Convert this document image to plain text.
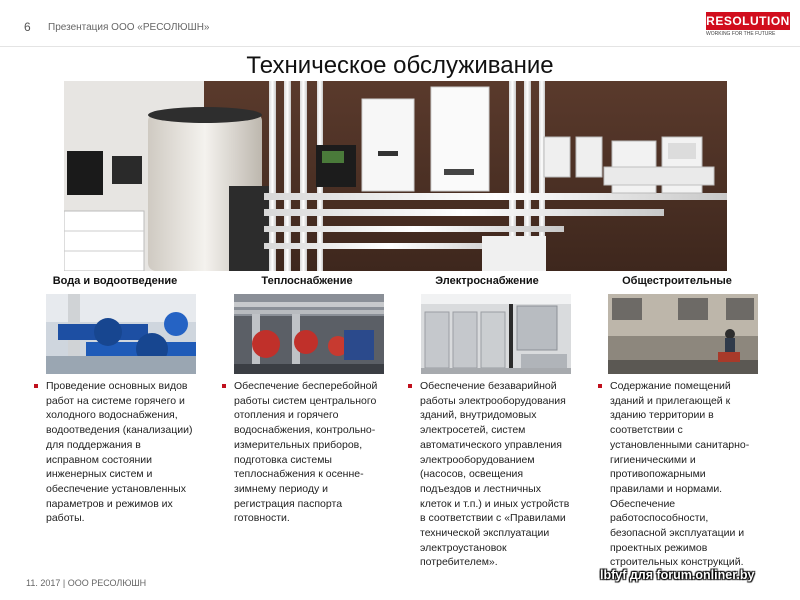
6 Презентация ООО «РЕСОЛЮШН»	RESOLUTION
WORKING FOR THE FUTURE
Техническое обслуживание
Вода и водоотведение
Проведение основных видов работ на системе горячего и холодного водоснабжения, водоотведения (канализации) для поддержания в исправном состоянии инженерных систем и обеспечение установленных параметров и режимов их работы.
Теплоснабжение
Обеспечение бесперебойной работы систем центрального отопления и горячего водоснабжения, контрольно-измерительных приборов, подготовка системы теплоснабжения к осенне-зимнему периоду и регистрация паспорта готовности.
Электроснабжение
Обеспечение безаварийной работы электрооборудования зданий, внутридомовых электросетей, систем автоматического управления электрооборудованием (насосов, освещения подъездов и лестничных клеток и т.п.) и иных устройств в соответствии с «Правилами технической эксплуатации электроустановок потребителем».
Общестроительные
Содержание помещений зданий и прилегающей к зданию территории в соответствии с установленными санитарно-гигиеническими и противопожарными правилами и нормами. Обеспечение работоспособности, безопасной эксплуатации и проектных режимов строительных конструкций.
11. 2017 | ООО РЕСОЛЮШН
lbfyf для forum.onliner.by
